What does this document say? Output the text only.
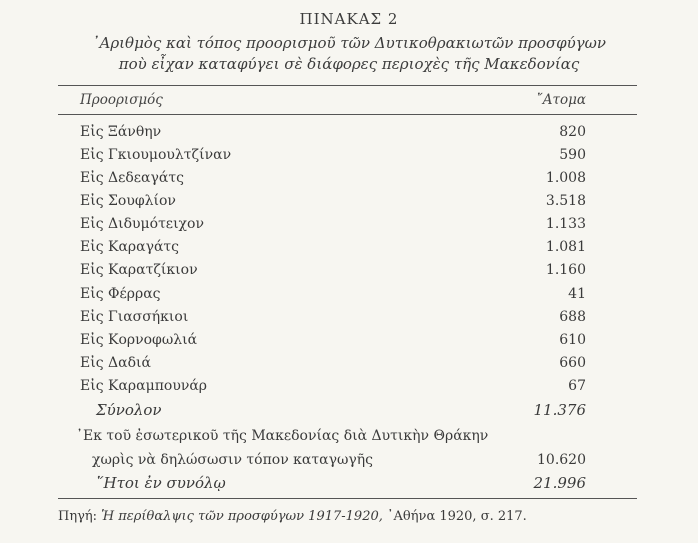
ΠΙΝΑΚΑΣ 2
᾿Αριθμὸς καὶ τόπος προορισμοῦ τῶν Δυτικοθρακιωτῶν προσφύγων
ποὺ εἶχαν καταφύγει σὲ διάφορες περιοχὲς τῆς Μακεδονίας
Προορισμός	῎Ατομα
Εἰς Ξάνθην	820
Εἰς Γκιουμουλτζίναν	590
Εἰς Δεδεαγάτς	1.008
Εἰς Σουφλίον	3.518
Εἰς Διδυμότειχον	1.133
Εἰς Καραγάτς	1.081
Εἰς Καρατζίκιον	1.160
Εἰς Φέρρας	41
Εἰς Γιασσήκιοι	688
Εἰς Κορνοφωλιά	610
Εἰς Δαδιά	660
Εἰς Καραμπουνάρ	67
Σύνολον	11.376
᾿Εκ τοῦ ἐσωτερικοῦ τῆς Μακεδονίας διὰ Δυτικὴν Θράκην
χωρὶς νὰ δηλώσωσιν τόπον καταγωγῆς	10.620
῞Ητοι ἐν συνόλῳ	21.996
Πηγή: Ἡ περίθαλψις τῶν προσφύγων 1917-1920, ᾿Αθήνα 1920, σ. 217.
